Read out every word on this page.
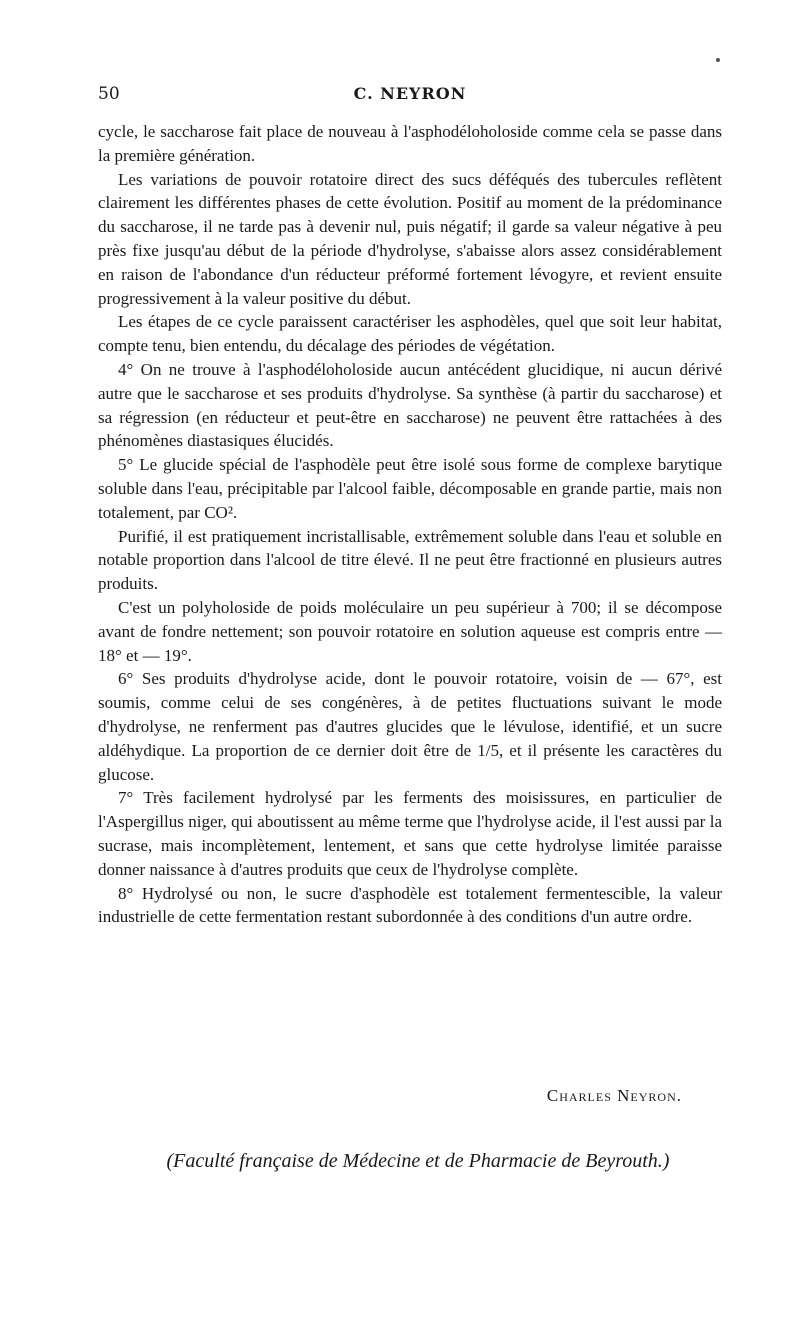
50	C. NEYRON

cycle, le saccharose fait place de nouveau à l'asphodéloholoside comme cela se passe dans la première génération.

Les variations de pouvoir rotatoire direct des sucs déféqués des tubercules reflètent clairement les différentes phases de cette évolution. Positif au moment de la prédominance du saccharose, il ne tarde pas à devenir nul, puis négatif; il garde sa valeur négative à peu près fixe jusqu'au début de la période d'hydrolyse, s'abaisse alors assez considérablement en raison de l'abondance d'un réducteur préformé fortement lévogyre, et revient ensuite progressivement à la valeur positive du début.

Les étapes de ce cycle paraissent caractériser les asphodèles, quel que soit leur habitat, compte tenu, bien entendu, du décalage des périodes de végétation.

4° On ne trouve à l'asphodéloholoside aucun antécédent glucidique, ni aucun dérivé autre que le saccharose et ses produits d'hydrolyse. Sa synthèse (à partir du saccharose) et sa régression (en réducteur et peut-être en saccharose) ne peuvent être rattachées à des phénomènes diastasiques élucidés.

5° Le glucide spécial de l'asphodèle peut être isolé sous forme de complexe barytique soluble dans l'eau, précipitable par l'alcool faible, décomposable en grande partie, mais non totalement, par CO².

Purifié, il est pratiquement incristallisable, extrêmement soluble dans l'eau et soluble en notable proportion dans l'alcool de titre élevé. Il ne peut être fractionné en plusieurs autres produits.

C'est un polyholoside de poids moléculaire un peu supérieur à 700; il se décompose avant de fondre nettement; son pouvoir rotatoire en solution aqueuse est compris entre — 18° et — 19°.

6° Ses produits d'hydrolyse acide, dont le pouvoir rotatoire, voisin de — 67°, est soumis, comme celui de ses congénères, à de petites fluctuations suivant le mode d'hydrolyse, ne renferment pas d'autres glucides que le lévulose, identifié, et un sucre aldéhydique. La proportion de ce dernier doit être de 1/5, et il présente les caractères du glucose.

7° Très facilement hydrolysé par les ferments des moisissures, en particulier de l'Aspergillus niger, qui aboutissent au même terme que l'hydrolyse acide, il l'est aussi par la sucrase, mais incomplètement, lentement, et sans que cette hydrolyse limitée paraisse donner naissance à d'autres produits que ceux de l'hydrolyse complète.

8° Hydrolysé ou non, le sucre d'asphodèle est totalement fermentescible, la valeur industrielle de cette fermentation restant subordonnée à des conditions d'un autre ordre.

Charles Neyron.
(Faculté française de Médecine et de Pharmacie de Beyrouth.)
